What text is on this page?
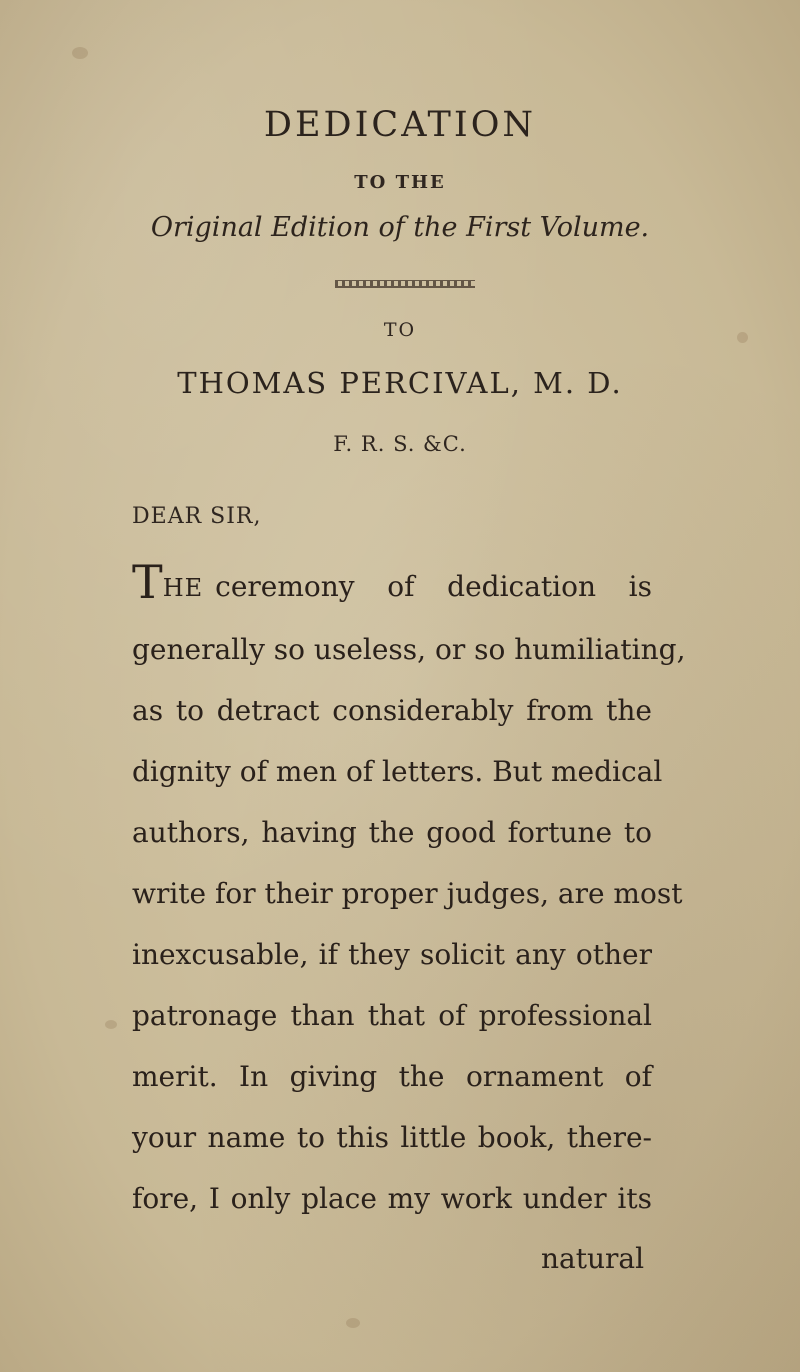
DEDICATION
TO THE
Original Edition of the First Volume.
TO
THOMAS PERCIVAL, M. D.
F. R. S. &C.
DEAR SIR,
THE ceremony of dedication is
generally so useless, or so humiliating,
as to detract considerably from the
dignity of men of letters. But medical
authors, having the good fortune to
write for their proper judges, are most
inexcusable, if they solicit any other
patronage than that of professional
merit. In giving the ornament of
your name to this little book, there-
fore, I only place my work under its
natural
